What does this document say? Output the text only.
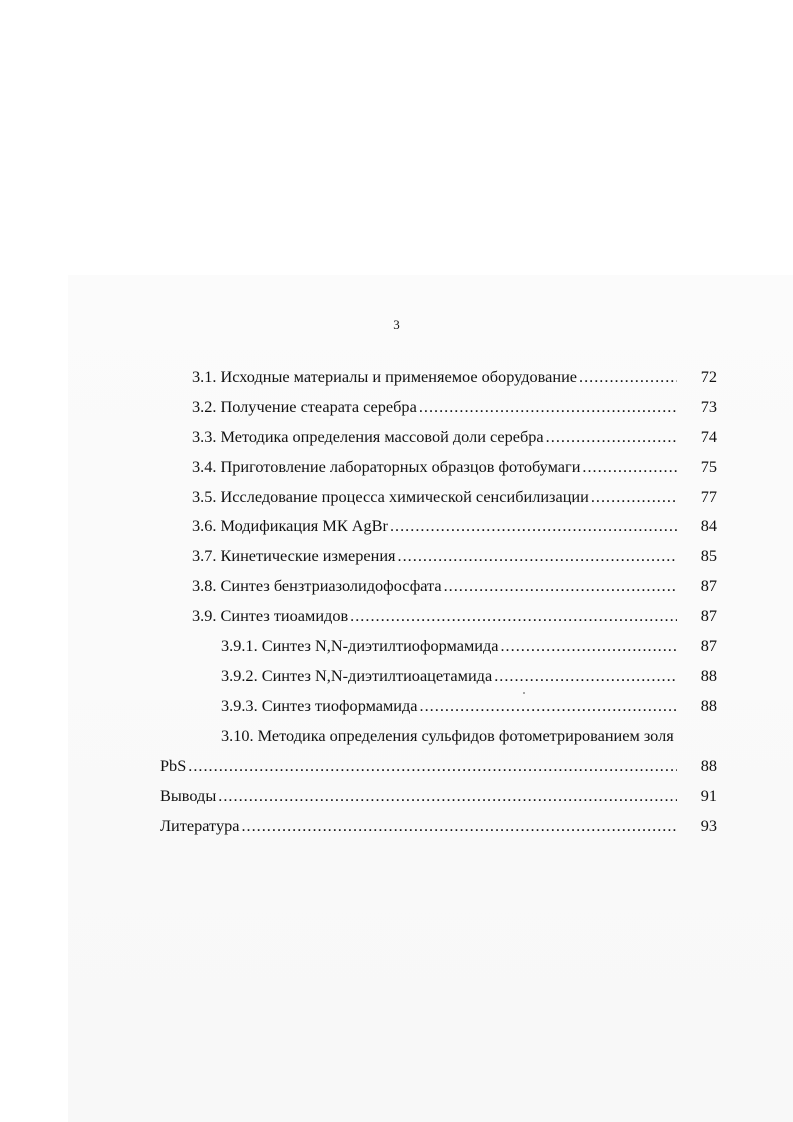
3
3.1. Исходные материалы и применяемое оборудование .....	72
3.2. Получение стеарата серебра .....	73
3.3. Методика определения массовой доли серебра .....	74
3.4. Приготовление лабораторных образцов фотобумаги .....	75
3.5. Исследование процесса химической сенсибилизации .....	77
3.6. Модификация МК AgBr .....	84
3.7. Кинетические измерения .....	85
3.8. Синтез бензтриазолидофосфата .....	87
3.9. Синтез тиоамидов .....	87
3.9.1. Синтез N,N-диэтилтиоформамида .....	87
3.9.2. Синтез N,N-диэтилтиоацетамида .....	88
3.9.3. Синтез тиоформамида .....	88
3.10. Методика определения сульфидов фотометрированием золя
PbS .....	88
Выводы .....	91
Литература .....	93
